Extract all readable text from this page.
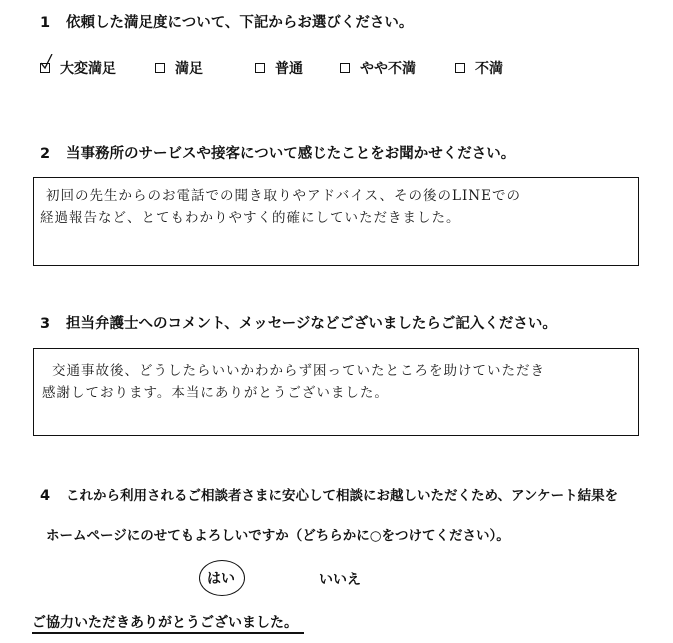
1 依頼した満足度について、下記からお選びください。
大変満足	満足	普通	やや不満	不満
2 当事務所のサービスや接客について感じたことをお聞かせください。
初回の先生からのお電話での聞き取りやアドバイス、その後のLINEでの
経過報告など、とてもわかりやすく的確にしていただきました。
3 担当弁護士へのコメント、メッセージなどございましたらご記入ください。
交通事故後、どうしたらいいかわからず困っていたところを助けていただき
感謝しております。本当にありがとうございました。
4 これから利用されるご相談者さまに安心して相談にお越しいただくため、アンケート結果を
ホームページにのせてもよろしいですか（どちらかに○をつけてください）。
はい	いいえ
ご協力いただきありがとうございました。
